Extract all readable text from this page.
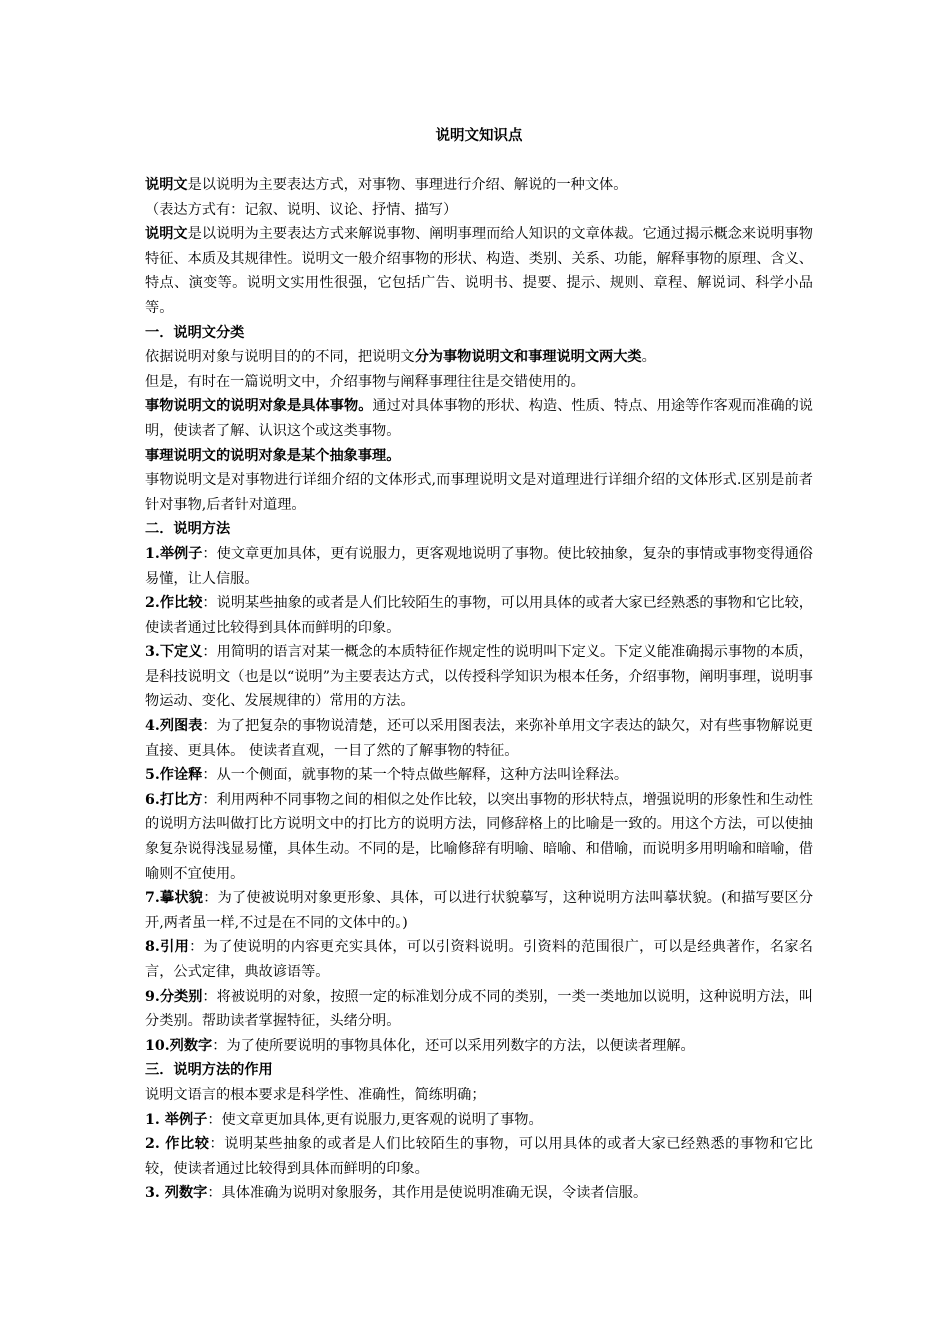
说明文知识点

说明文是以说明为主要表达方式，对事物、事理进行介绍、解说的一种文体。

（表达方式有：记叙、说明、议论、抒情、描写）

说明文是以说明为主要表达方式来解说事物、阐明事理而给人知识的文章体裁。它通过揭示概念来说明事物特征、本质及其规律性。说明文一般介绍事物的形状、构造、类别、关系、功能，解释事物的原理、含义、特点、演变等。说明文实用性很强，它包括广告、说明书、提要、提示、规则、章程、解说词、科学小品等。

一．说明文分类

依据说明对象与说明目的的不同，把说明文分为事物说明文和事理说明文两大类。

但是，有时在一篇说明文中，介绍事物与阐释事理往往是交错使用的。

事物说明文的说明对象是具体事物。通过对具体事物的形状、构造、性质、特点、用途等作客观而准确的说明，使读者了解、认识这个或这类事物。

事理说明文的说明对象是某个抽象事理。

事物说明文是对事物进行详细介绍的文体形式,而事理说明文是对道理进行详细介绍的文体形式.区别是前者针对事物,后者针对道理。

二．说明方法

1.举例子：使文章更加具体，更有说服力，更客观地说明了事物。使比较抽象，复杂的事情或事物变得通俗易懂，让人信服。

2.作比较：说明某些抽象的或者是人们比较陌生的事物，可以用具体的或者大家已经熟悉的事物和它比较，使读者通过比较得到具体而鲜明的印象。

3.下定义：用简明的语言对某一概念的本质特征作规定性的说明叫下定义。下定义能准确揭示事物的本质，是科技说明文（也是以“说明”为主要表达方式，以传授科学知识为根本任务，介绍事物，阐明事理，说明事物运动、变化、发展规律的）常用的方法。

4.列图表：为了把复杂的事物说清楚，还可以采用图表法，来弥补单用文字表达的缺欠，对有些事物解说更直接、更具体。 使读者直观，一目了然的了解事物的特征。

5.作诠释：从一个侧面，就事物的某一个特点做些解释，这种方法叫诠释法。

6.打比方：利用两种不同事物之间的相似之处作比较，以突出事物的形状特点，增强说明的形象性和生动性的说明方法叫做打比方说明文中的打比方的说明方法，同修辞格上的比喻是一致的。用这个方法，可以使抽象复杂说得浅显易懂，具体生动。不同的是，比喻修辞有明喻、暗喻、和借喻，而说明多用明喻和暗喻，借喻则不宜使用。

7.摹状貌：为了使被说明对象更形象、具体，可以进行状貌摹写，这种说明方法叫摹状貌。(和描写要区分开,两者虽一样,不过是在不同的文体中的。)

8.引用：为了使说明的内容更充实具体，可以引资料说明。引资料的范围很广，可以是经典著作，名家名言，公式定律，典故谚语等。

9.分类别：将被说明的对象，按照一定的标准划分成不同的类别，一类一类地加以说明，这种说明方法，叫分类别。帮助读者掌握特征，头绪分明。

10.列数字：为了使所要说明的事物具体化，还可以采用列数字的方法，以便读者理解。

三．说明方法的作用

说明文语言的根本要求是科学性、准确性，简练明确；

1. 举例子：使文章更加具体,更有说服力,更客观的说明了事物。

2. 作比较：说明某些抽象的或者是人们比较陌生的事物，可以用具体的或者大家已经熟悉的事物和它比较，使读者通过比较得到具体而鲜明的印象。

3. 列数字：具体准确为说明对象服务，其作用是使说明准确无误，令读者信服。
